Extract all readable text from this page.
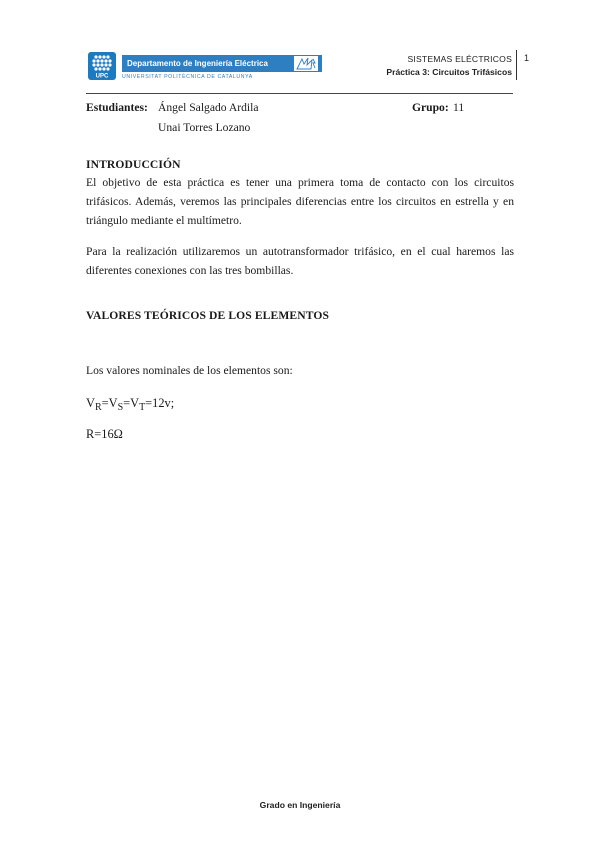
UPC
Departamento de Ingeniería Eléctrica
UNIVERSITAT POLITÈCNICA DE CATALUNYA
SISTEMAS ELÉCTRICOS
Práctica 3: Circuitos Trifásicos
1
Estudiantes: Ángel Salgado Ardila
Unai Torres Lozano
Grupo: 11
INTRODUCCIÓN
El objetivo de esta práctica es tener una primera toma de contacto con los circuitos trifásicos. Además, veremos las principales diferencias entre los circuitos en estrella y en triángulo mediante el multímetro.
Para la realización utilizaremos un autotransformador trifásico, en el cual haremos las diferentes conexiones con las tres bombillas.
VALORES TEÓRICOS DE LOS ELEMENTOS
Los valores nominales de los elementos son:
$V_R=V_S=V_T=12v$;
R=16Ω
Grado en Ingeniería
